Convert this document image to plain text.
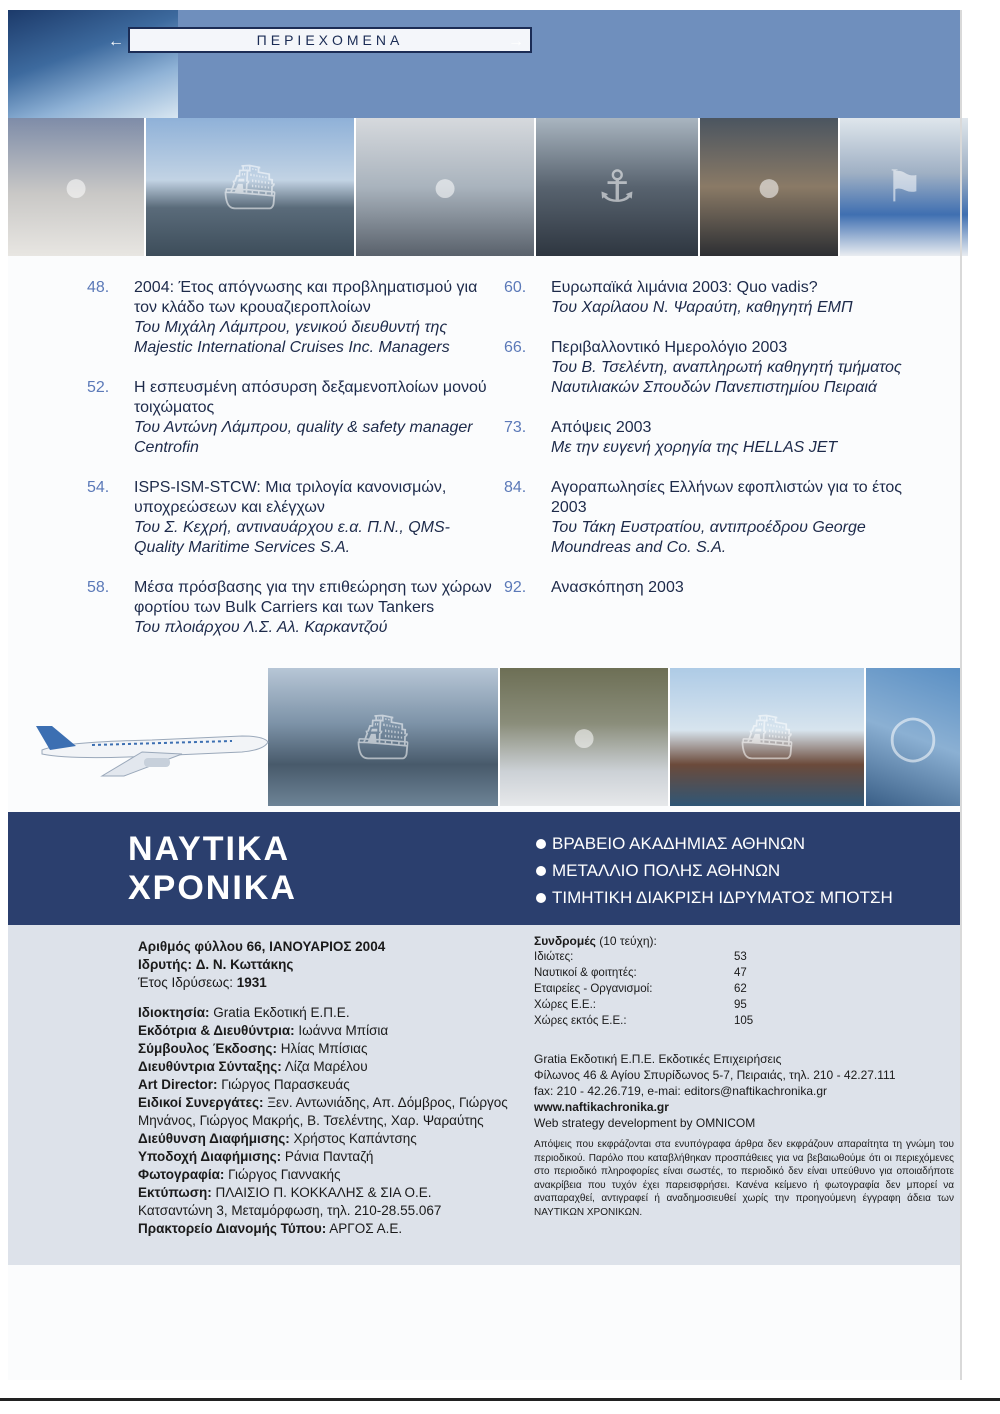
←	ΠΕΡΙΕΧΟΜΕΝΑ	→
●	⛴	●	⚓	● ⚑
48. 2004: Έτος απόγνωσης και προβληματισμού για τον κλάδο των κρουαζιεροπλοίων
Του Μιχάλη Λάμπρου, γενικού διευθυντή της Majestic International Cruises Inc. Managers
52. Η εσπευσμένη απόσυρση δεξαμενοπλοίων μονού τοιχώματος
Του Αντώνη Λάμπρου, quality & safety manager Centrofin
54. ISPS-ISM-STCW: Μια τριλογία κανονισμών, υποχρεώσεων και ελέγχων
Του Σ. Κεχρή, αντιναυάρχου ε.α. Π.Ν., QMS-Quality Maritime Services S.A.
58. Μέσα πρόσβασης για την επιθεώρηση των χώρων φορτίου των Bulk Carriers και των Tankers
Του πλοιάρχου Λ.Σ. Αλ. Καρκαντζού
60. Ευρωπαϊκά λιμάνια 2003: Quo vadis?
Του Χαρίλαου Ν. Ψαραύτη, καθηγητή ΕΜΠ
66. Περιβαλλοντικό Ημερολόγιο 2003
Του Β. Τσελέντη, αναπληρωτή καθηγητή τμήματος Ναυτιλιακών Σπουδών Πανεπιστημίου Πειραιά
73. Απόψεις 2003
Με την ευγενή χορηγία της HELLAS JET
84. Αγοραπωλησίες Ελλήνων εφοπλιστών για το έτος 2003
Του Τάκη Ευστρατίου, αντιπροέδρου George Moundreas and Co. S.A.
92. Ανασκόπηση 2003
⛴	●	⛴ ◯
ΝΑΥΤΙΚΑ
ΧΡΟΝΙΚΑ
ΒΡΑΒΕΙΟ ΑΚΑΔΗΜΙΑΣ ΑΘΗΝΩΝ
ΜΕΤΑΛΛΙΟ ΠΟΛΗΣ ΑΘΗΝΩΝ
ΤΙΜΗΤΙΚΗ ΔΙΑΚΡΙΣΗ ΙΔΡΥΜΑΤΟΣ ΜΠΟΤΣΗ
Αριθμός φύλλου 66, ΙΑΝΟΥΑΡΙΟΣ 2004
Ιδρυτής: Δ. Ν. Κωττάκης
Έτος Ιδρύσεως: 1931
Ιδιοκτησία: Gratia Εκδοτική Ε.Π.Ε.
Εκδότρια & Διευθύντρια: Ιωάννα Μπίσια
Σύμβουλος Έκδοσης: Ηλίας Μπίσιας
Διευθύντρια Σύνταξης: Λίζα Μαρέλου
Art Director: Γιώργος Παρασκευάς
Ειδικοί Συνεργάτες: Ξεν. Αντωνιάδης, Απ. Δόμβρος, Γιώργος Μηνάνος, Γιώργος Μακρής, Β. Τσελέντης, Χαρ. Ψαραύτης
Διεύθυνση Διαφήμισης: Χρήστος Καπάντσης
Υποδοχή Διαφήμισης: Ράνια Πανταζή
Φωτογραφία: Γιώργος Γιαννακής
Εκτύπωση: ΠΛΑΙΣΙΟ Π. ΚΟΚΚΑΛΗΣ & ΣΙΑ Ο.Ε. Κατσαντώνη 3, Μεταμόρφωση, τηλ. 210-28.55.067
Πρακτορείο Διανομής Τύπου: ΑΡΓΟΣ Α.Ε.
Συνδρομές (10 τεύχη):
Ιδιώτες:	53
Ναυτικοί & φοιτητές:	47
Εταιρείες - Οργανισμοί:	62
Χώρες Ε.Ε.:	95
Χώρες εκτός Ε.Ε.:	105
Gratia Εκδοτική Ε.Π.Ε. Εκδοτικές Επιχειρήσεις
Φίλωνος 46 & Αγίου Σπυρίδωνος 5-7, Πειραιάς, τηλ. 210 - 42.27.111
fax: 210 - 42.26.719, e-mai: editors@naftikachronika.gr
www.naftikachronika.gr
Web strategy development by OMNICOM
Απόψεις που εκφράζονται στα ενυπόγραφα άρθρα δεν εκφράζουν απαραίτητα τη γνώμη του περιοδικού. Παρόλο που καταβλήθηκαν προσπάθειες για να βεβαιωθούμε ότι οι περιεχόμενες στο περιοδικό πληροφορίες είναι σωστές, το περιοδικό δεν είναι υπεύθυνο για οποιαδήποτε ανακρίβεια που τυχόν έχει παρεισφρήσει. Κανένα κείμενο ή φωτογραφία δεν μπορεί να αναπαραχθεί, αντιγραφεί ή αναδημοσιευθεί χωρίς την προηγούμενη έγγραφη άδεια των ΝΑΥΤΙΚΩΝ ΧΡΟΝΙΚΩΝ.
